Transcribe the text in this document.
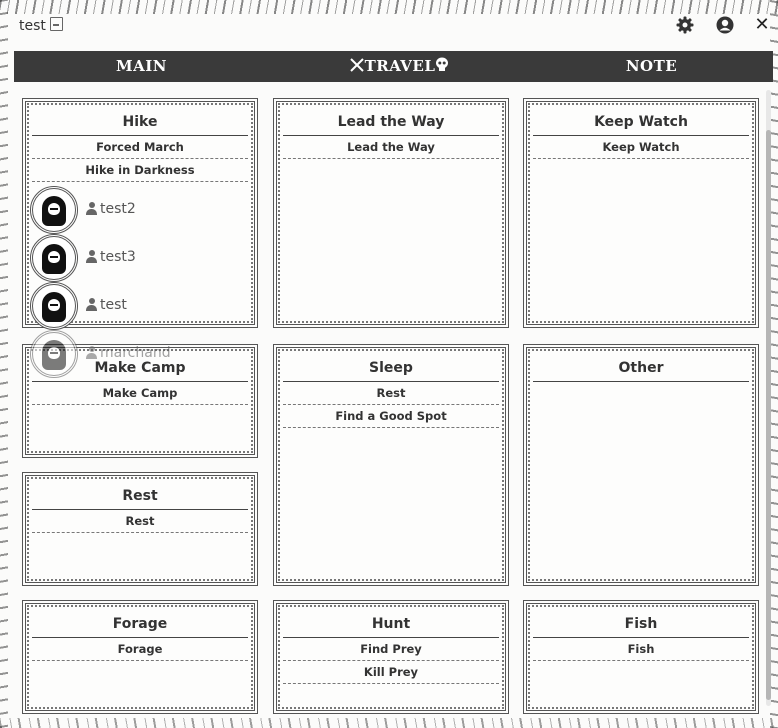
test	✕
MAIN	TRAVEL	NOTE
Hike
Forced March
Hike in Darkness
Lead the Way
Lead the Way
Keep Watch
Keep Watch
Make Camp
Make Camp
Sleep
Rest
Find a Good Spot
Other
Rest
Rest
Forage
Forage
Hunt
Find Prey
Kill Prey
Fish
Fish
test2
test3
test
marchand
